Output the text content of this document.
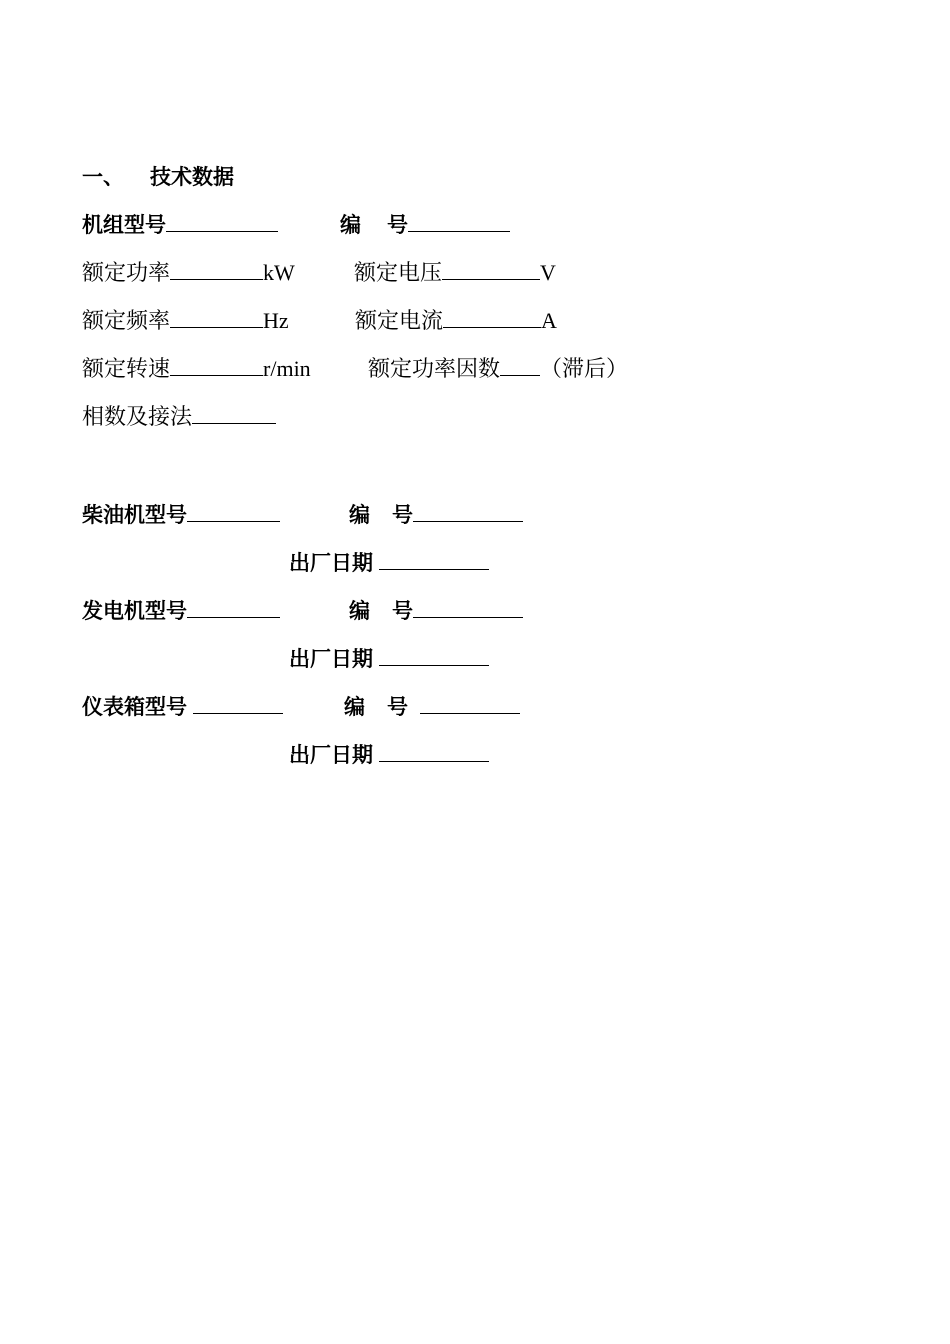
一、 技术数据
机组型号	编 号
额定功率	kW	额定电压	V
额定频率	Hz	额定电流	A
额定转速	r/min	额定功率因数 （滞后）
相数及接法
柴油机型号	编 号
出厂日期
发电机型号	编 号
出厂日期
仪表箱型号	编 号
出厂日期
